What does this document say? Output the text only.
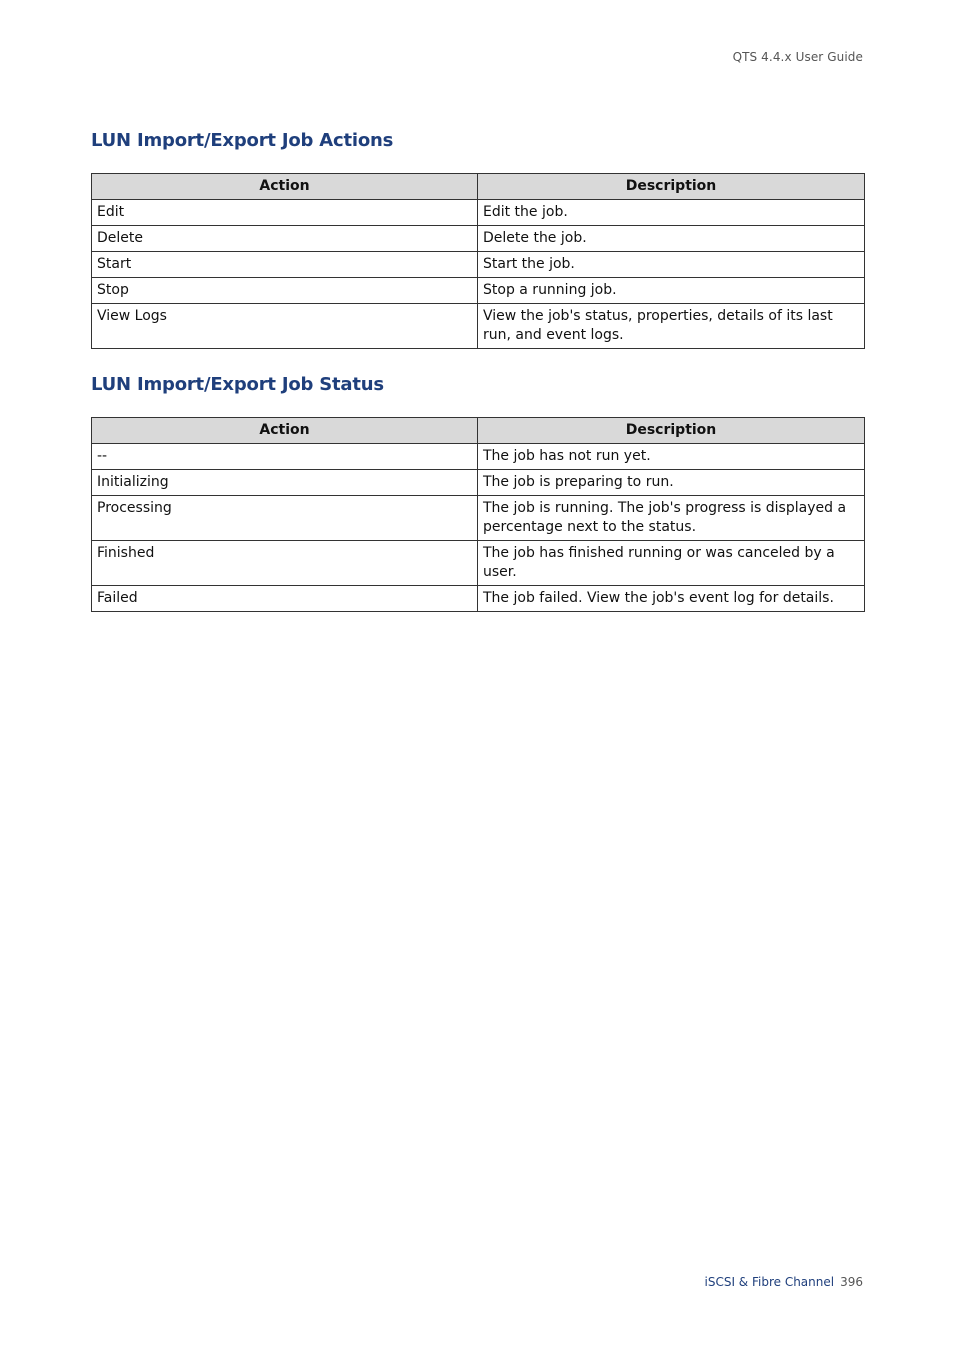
QTS 4.4.x User Guide
LUN Import/Export Job Actions
Action	Description
Edit	Edit the job.
Delete	Delete the job.
Start	Start the job.
Stop	Stop a running job.
View Logs	View the job's status, properties, details of its last run, and event logs.
LUN Import/Export Job Status
Action	Description
--	The job has not run yet.
Initializing	The job is preparing to run.
Processing	The job is running. The job's progress is displayed a percentage next to the status.
Finished	The job has finished running or was canceled by a user.
Failed	The job failed. View the job's event log for details.
iSCSI & Fibre Channel 396
